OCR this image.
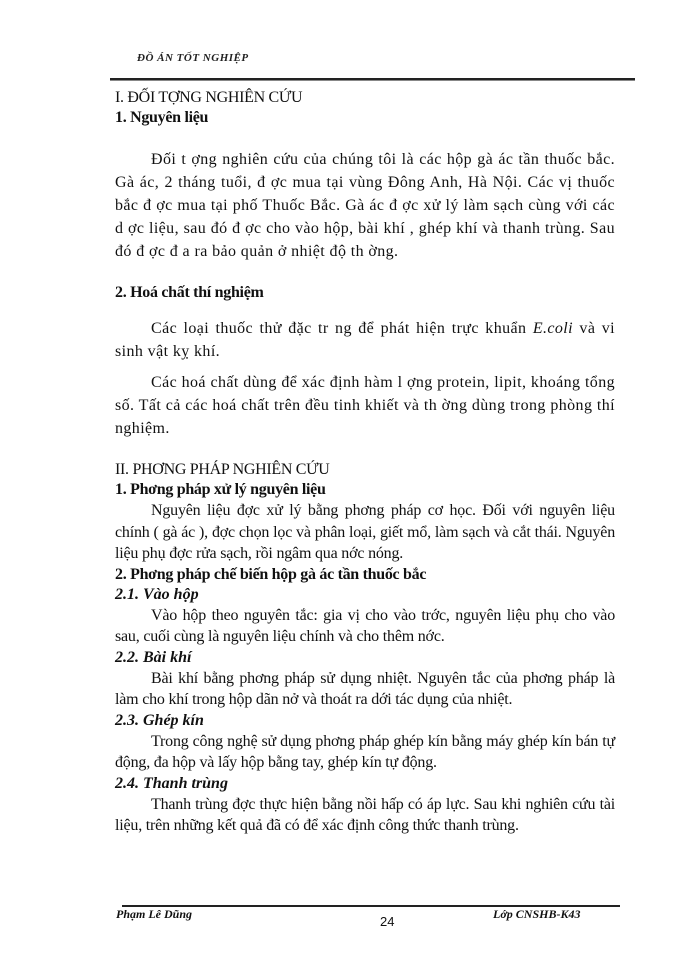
ĐỒ ÁN TỐT NGHIỆP
I. ĐỐI TỢNG NGHIÊN CỨU
1. Nguyên liệu

Đối t ợng nghiên cứu của chúng tôi là các hộp gà ác tần thuốc bắc. Gà ác, 2 tháng tuổi, đ ợc mua tại vùng Đông Anh, Hà Nội. Các vị thuốc bắc đ ợc mua tại phố Thuốc Bắc. Gà ác đ ợc xử lý làm sạch cùng với các d ợc liệu, sau đó đ ợc cho vào hộp, bài khí , ghép khí và thanh trùng. Sau đó đ ợc đ a ra bảo quản ở nhiệt độ th ờng.

2. Hoá chất thí nghiệm

Các loại thuốc thử đặc tr ng để phát hiện trực khuẩn E.coli và vi sinh vật kỵ khí.

Các hoá chất dùng để xác định hàm l ợng protein, lipit, khoáng tổng số. Tất cả các hoá chất trên đều tinh khiết và th ờng dùng trong phòng thí nghiệm.

II. PHƠNG PHÁP NGHIÊN CỨU
1. Phơng pháp xử lý nguyên liệu

Nguyên liệu đợc xử lý bằng phơng pháp cơ học. Đối với nguyên liệu chính ( gà ác ), đợc chọn lọc và phân loại, giết mổ, làm sạch và cắt thái. Nguyên liệu phụ đợc rửa sạch, rồi ngâm qua nớc nóng.

2. Phơng pháp chế biến hộp gà ác tần thuốc bắc
2.1. Vào hộp

Vào hộp theo nguyên tắc: gia vị cho vào trớc, nguyên liệu phụ cho vào sau, cuối cùng là nguyên liệu chính và cho thêm nớc.

2.2. Bài khí

Bài khí bằng phơng pháp sử dụng nhiệt. Nguyên tắc của phơng pháp là làm cho khí trong hộp dãn nở và thoát ra dới tác dụng của nhiệt.

2.3. Ghép kín

Trong công nghệ sử dụng phơng pháp ghép kín bằng máy ghép kín bán tự động, đa hộp và lấy hộp bằng tay, ghép kín tự động.

2.4. Thanh trùng

Thanh trùng đợc thực hiện bằng nồi hấp có áp lực. Sau khi nghiên cứu tài liệu, trên những kết quả đã có để xác định công thức thanh trùng.

Phạm Lê Dũng	24	Lớp CNSHB-K43
